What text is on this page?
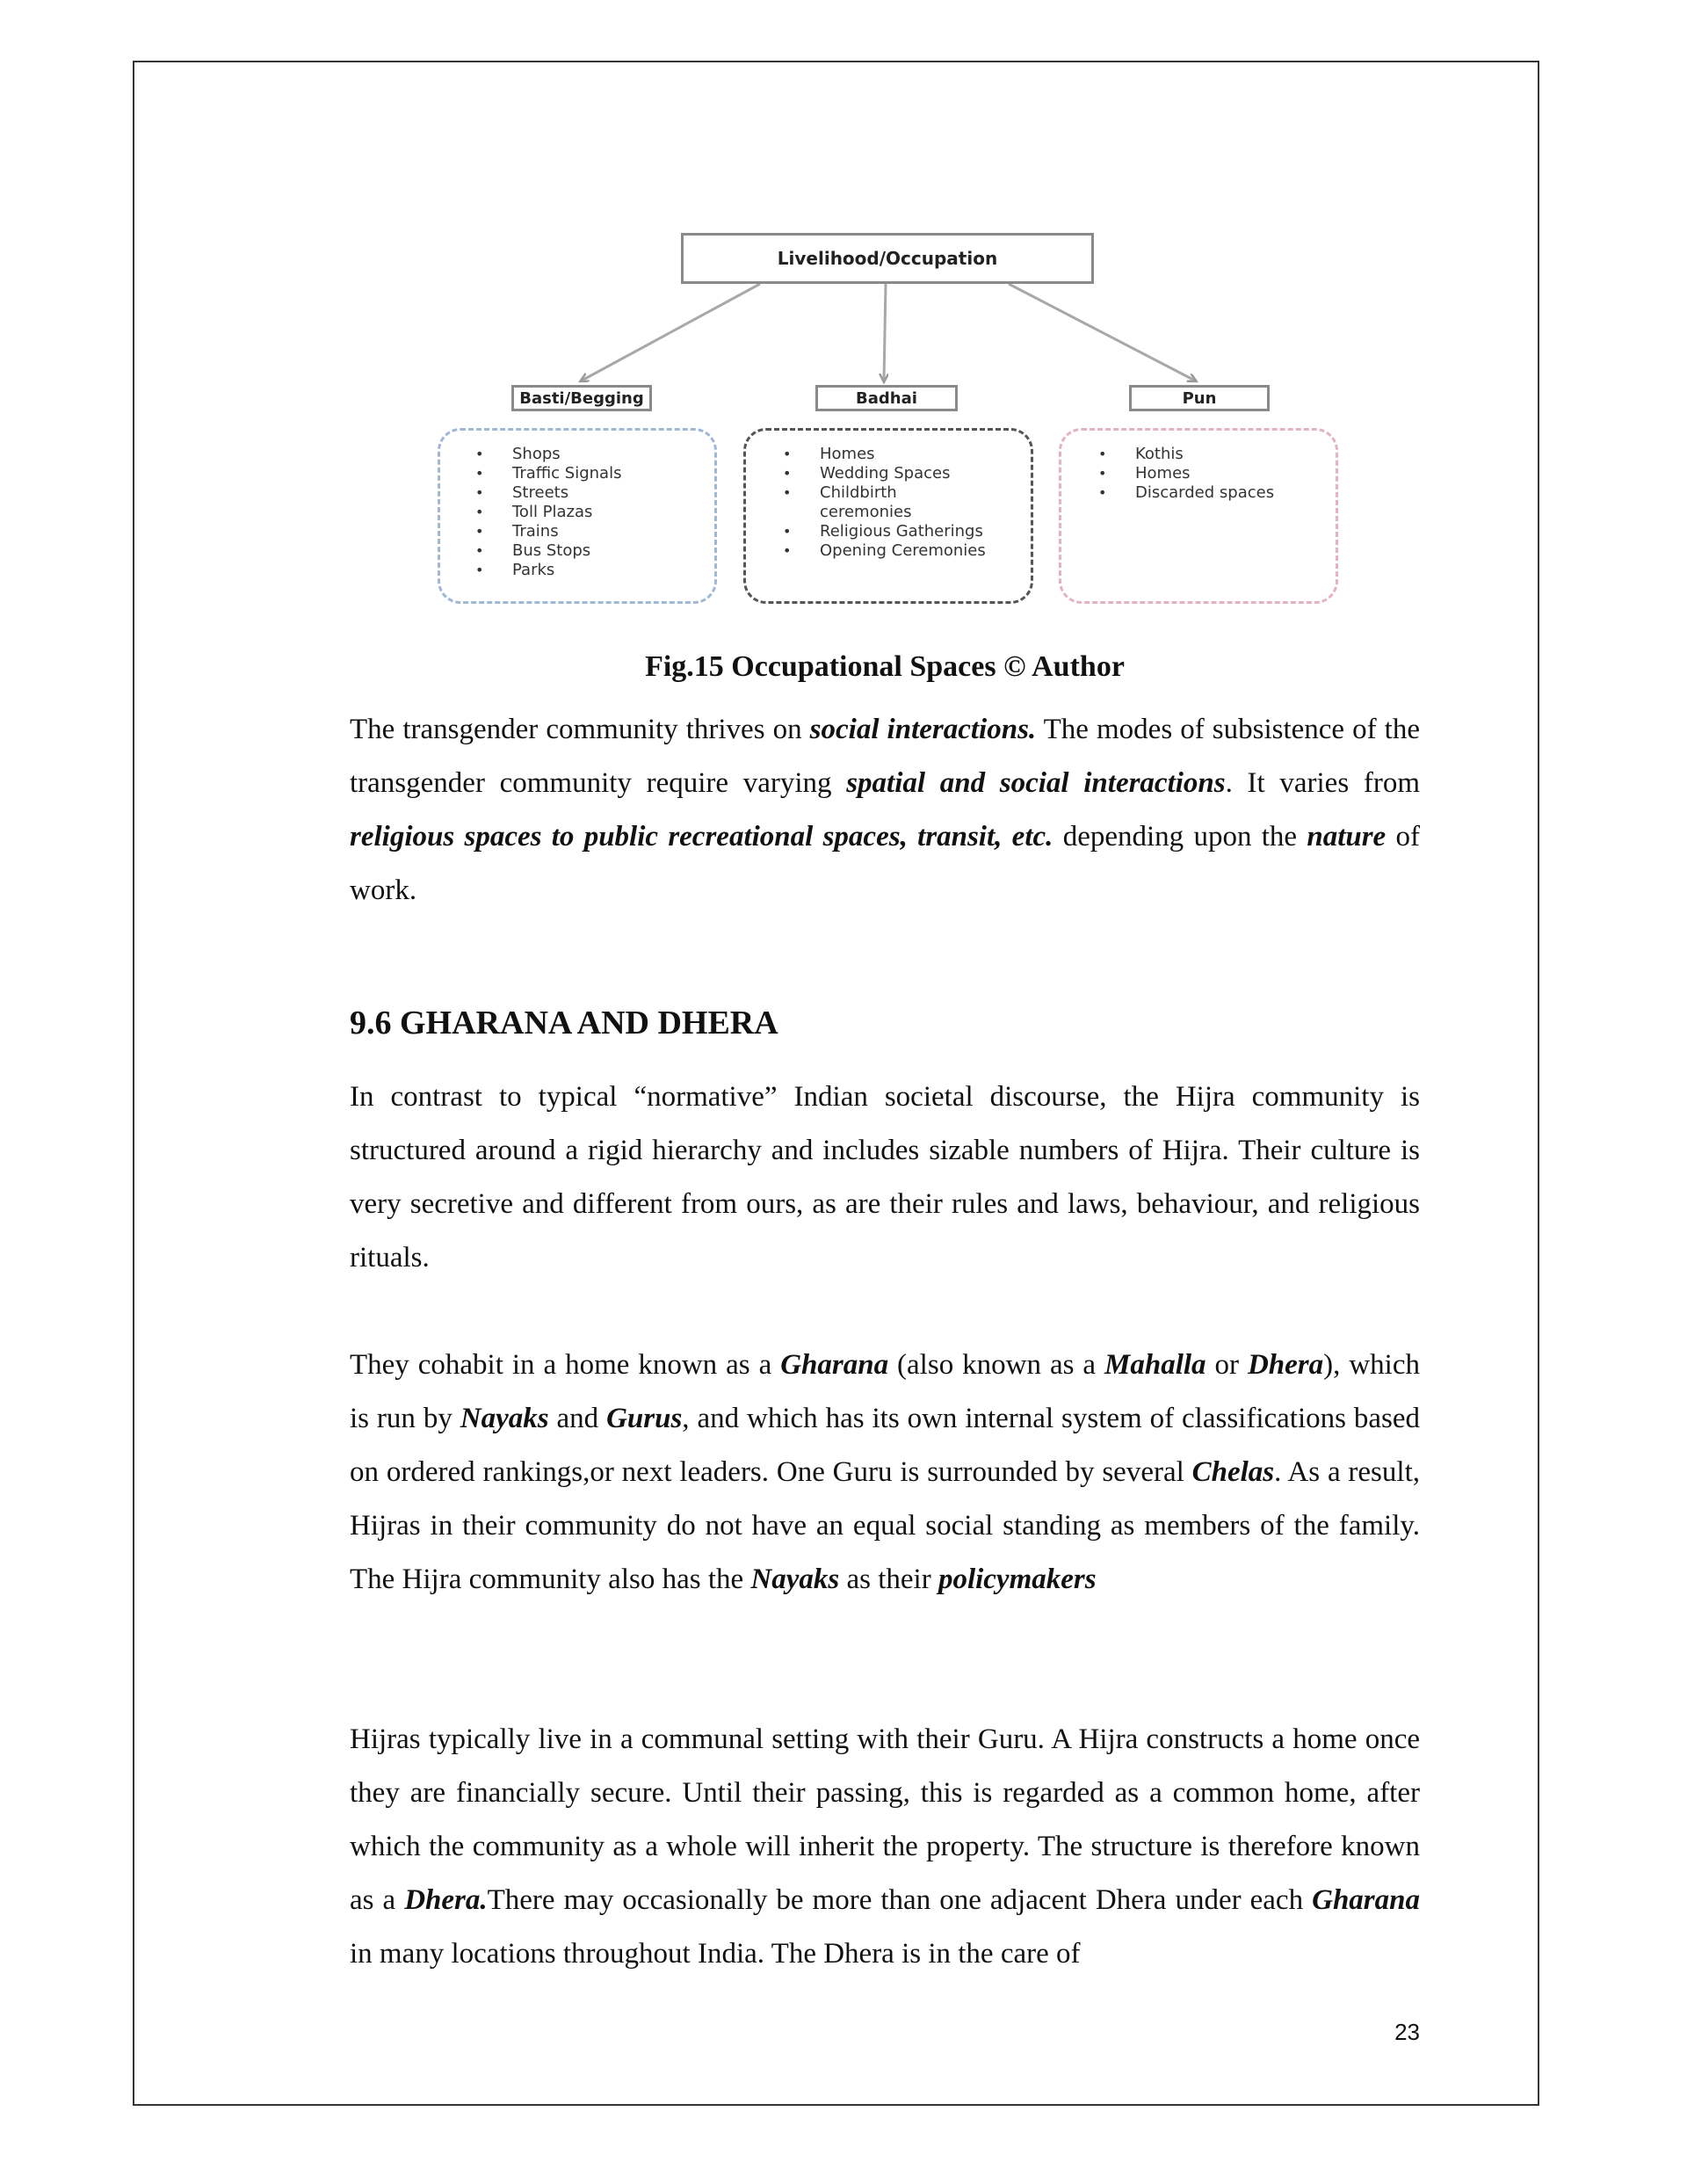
Livelihood/Occupation
Basti/Begging	Badhai	Pun
• Shops
• Traffic Signals
• Streets
• Toll Plazas
• Trains
• Bus Stops
• Parks
• Homes
• Wedding Spaces
• Childbirth
ceremonies
• Religious Gatherings
• Opening Ceremonies
• Kothis
• Homes
• Discarded spaces
Fig.15 Occupational Spaces © Author

The transgender community thrives on social interactions. The modes of subsistence of the transgender community require varying spatial and social interactions. It varies from religious spaces to public recreational spaces, transit, etc. depending upon the nature of work.

9.6 GHARANA AND DHERA

In contrast to typical “normative” Indian societal discourse, the Hijra community is structured around a rigid hierarchy and includes sizable numbers of Hijra. Their culture is very secretive and different from ours, as are their rules and laws, behaviour, and religious rituals.

They cohabit in a home known as a Gharana (also known as a Mahalla or Dhera), which is run by Nayaks and Gurus, and which has its own internal system of classifications based on ordered rankings,or next leaders. One Guru is surrounded by several Chelas. As a result, Hijras in their community do not have an equal social standing as members of the family. The Hijra community also has the Nayaks as their policymakers

Hijras typically live in a communal setting with their Guru. A Hijra constructs a home once they are financially secure. Until their passing, this is regarded as a common home, after which the community as a whole will inherit the property. The structure is therefore known as a Dhera.There may occasionally be more than one adjacent Dhera under each Gharana in many locations throughout India. The Dhera is in the care of

23
